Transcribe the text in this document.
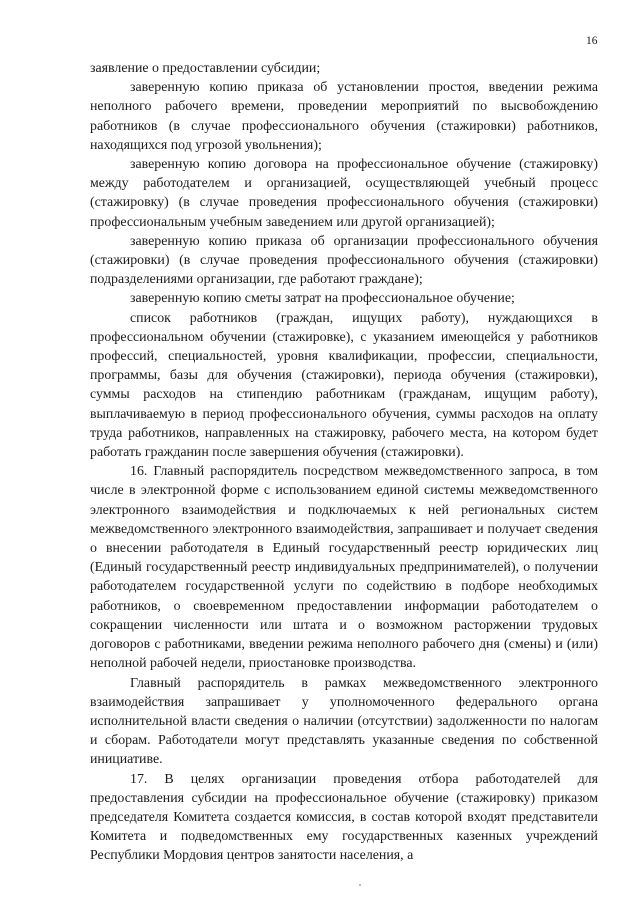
16

заявление о предоставлении субсидии;

заверенную копию приказа об установлении простоя, введении режима неполного рабочего времени, проведении мероприятий по высвобождению работников (в случае профессионального обучения (стажировки) работников, находящихся под угрозой увольнения);

заверенную копию договора на профессиональное обучение (стажировку) между работодателем и организацией, осуществляющей учебный процесс (стажировку) (в случае проведения профессионального обучения (стажировки) профессиональным учебным заведением или другой организацией);

заверенную копию приказа об организации профессионального обучения (стажировки) (в случае проведения профессионального обучения (стажировки) подразделениями организации, где работают граждане);

заверенную копию сметы затрат на профессиональное обучение;

список работников (граждан, ищущих работу), нуждающихся в профессиональном обучении (стажировке), с указанием имеющейся у работников профессий, специальностей, уровня квалификации, профессии, специальности, программы, базы для обучения (стажировки), периода обучения (стажировки), суммы расходов на стипендию работникам (гражданам, ищущим работу), выплачиваемую в период профессионального обучения, суммы расходов на оплату труда работников, направленных на стажировку, рабочего места, на котором будет работать гражданин после завершения обучения (стажировки).

16. Главный распорядитель посредством межведомственного запроса, в том числе в электронной форме с использованием единой системы межведомственного электронного взаимодействия и подключаемых к ней региональных систем межведомственного электронного взаимодействия, запрашивает и получает сведения о внесении работодателя в Единый государственный реестр юридических лиц (Единый государственный реестр индивидуальных предпринимателей), о получении работодателем государственной услуги по содействию в подборе необходимых работников, о своевременном предоставлении информации работодателем о сокращении численности или штата и о возможном расторжении трудовых договоров с работниками, введении режима неполного рабочего дня (смены) и (или) неполной рабочей недели, приостановке производства.

Главный распорядитель в рамках межведомственного электронного взаимодействия запрашивает у уполномоченного федерального органа исполнительной власти сведения о наличии (отсутствии) задолженности по налогам и сборам. Работодатели могут представлять указанные сведения по собственной инициативе.

17. В целях организации проведения отбора работодателей для предоставления субсидии на профессиональное обучение (стажировку) приказом председателя Комитета создается комиссия, в состав которой входят представители Комитета и подведомственных ему государственных казенных учреждений Республики Мордовия центров занятости населения, а
